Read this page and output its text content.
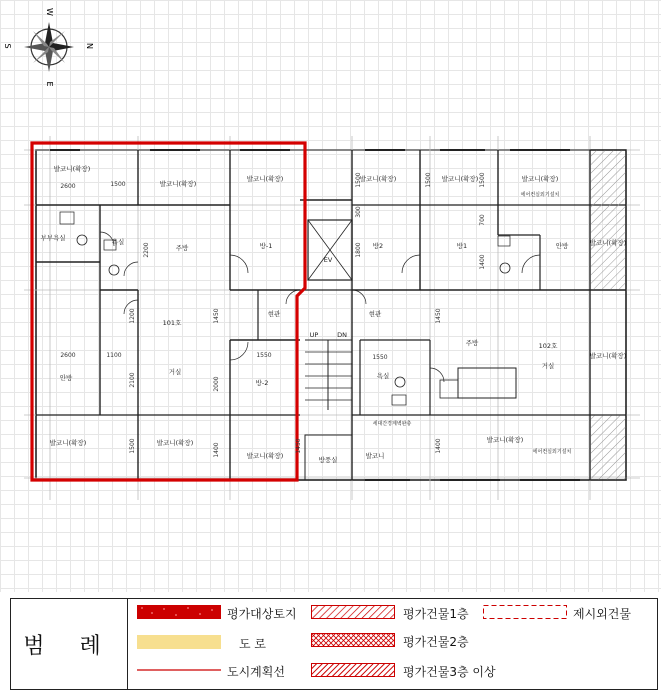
W
N
S
E
발코니(확장)
발코니(확장)
발코니(확장)	발코니(확장)	발코니(확장)	발코니(확장)
발코니(확장)
발코니(확장)
발코니(확장)	발코니(확장)
발코니(확장)
발코니(확장)
발코니
부부욕실	욕실
욕실
주방
주방
방-1
방-2
방1
방2
101호
거실
102호
거실
안방
안방
현관	현관
EV
UP	DN
방풍실
세대간경계벽완충
에어컨실외기설치
에어컨실외기설치
2600	1500
2600	1100	1550	1550
2200
1200
2100
1500
1450
2000
1400
1500	1500	1500
300
1800
700
1400
1450
1400
1450
범 례
평가대상토지
도 로
도시계획선
평가건물1층
평가건물2층
평가건물3층 이상
제시외건물
